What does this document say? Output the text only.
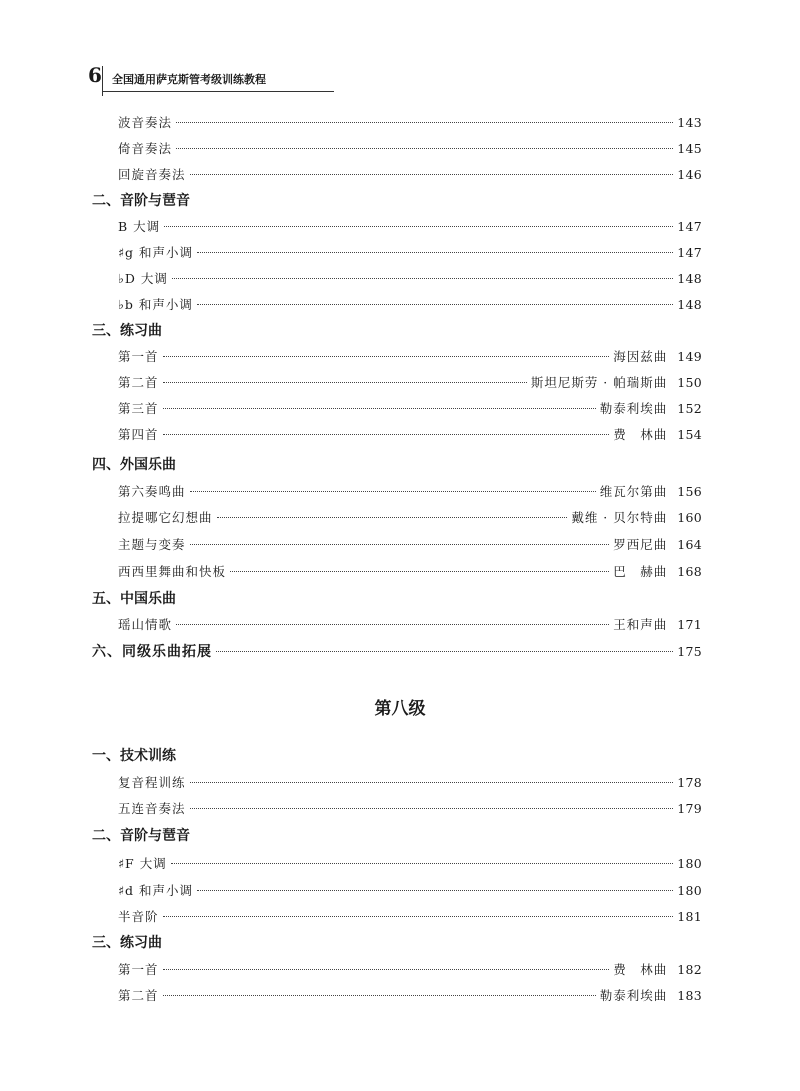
6 全国通用萨克斯管考级训练教程
波音奏法	143
倚音奏法	145
回旋音奏法	146
二、音阶与琶音
B 大调	147
♯g 和声小调	147
♭D 大调	148
♭b 和声小调	148
三、练习曲
第一首	海因兹曲 149
第二首	斯坦尼斯劳 · 帕瑞斯曲 150
第三首	勒泰利埃曲 152
第四首	费　林曲 154
四、外国乐曲
第六奏鸣曲	维瓦尔第曲 156
拉提哪它幻想曲	戴维 · 贝尔特曲 160
主题与变奏	罗西尼曲 164
西西里舞曲和快板	巴　赫曲 168
五、中国乐曲
瑶山情歌	王和声曲 171
六、同级乐曲拓展	175
第八级
一、技术训练
复音程训练	178
五连音奏法	179
二、音阶与琶音
♯F 大调	180
♯d 和声小调	180
半音阶	181
三、练习曲
第一首	费　林曲 182
第二首	勒泰利埃曲 183
